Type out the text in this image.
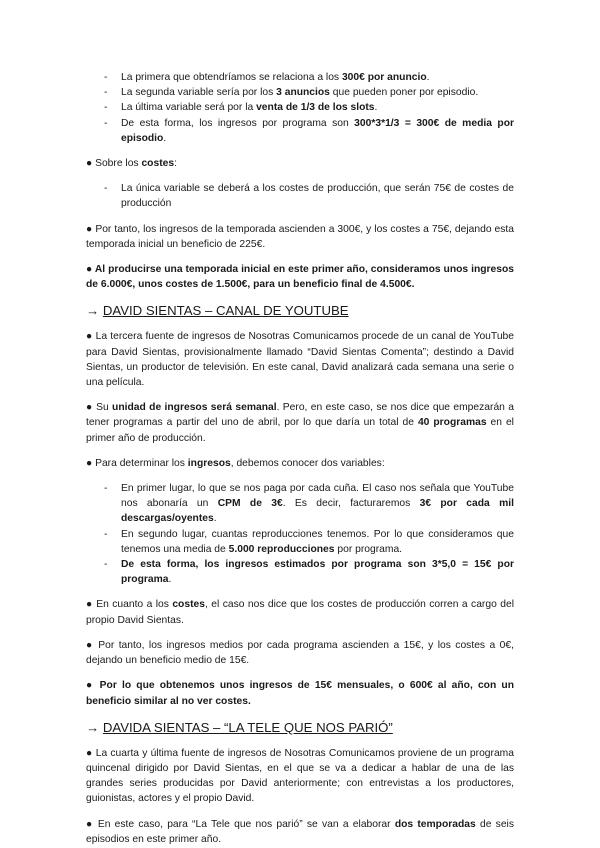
- La primera que obtendríamos se relaciona a los 300€ por anuncio.

- La segunda variable sería por los 3 anuncios que pueden poner por episodio.

- La última variable será por la venta de 1/3 de los slots.

- De esta forma, los ingresos por programa son 300*3*1/3 = 300€ de media por episodio.

● Sobre los costes:

- La única variable se deberá a los costes de producción, que serán 75€ de costes de producción

● Por tanto, los ingresos de la temporada ascienden a 300€, y los costes a 75€, dejando esta temporada inicial un beneficio de 225€.

● Al producirse una temporada inicial en este primer año, consideramos unos ingresos de 6.000€, unos costes de 1.500€, para un beneficio final de 4.500€.

→ DAVID SIENTAS – CANAL DE YOUTUBE

● La tercera fuente de ingresos de Nosotras Comunicamos procede de un canal de YouTube para David Sientas, provisionalmente llamado “David Sientas Comenta”; destindo a David Sientas, un productor de televisión. En este canal, David analizará cada semana una serie o una película.

● Su unidad de ingresos será semanal. Pero, en este caso, se nos dice que empezarán a tener programas a partir del uno de abril, por lo que daría un total de 40 programas en el primer año de producción.

● Para determinar los ingresos, debemos conocer dos variables:

- En primer lugar, lo que se nos paga por cada cuña. El caso nos señala que YouTube nos abonaría un CPM de 3€. Es decir, facturaremos 3€ por cada mil descargas/oyentes.

- En segundo lugar, cuantas reproducciones tenemos. Por lo que consideramos que tenemos una media de 5.000 reproducciones por programa.

- De esta forma, los ingresos estimados por programa son 3*5,0 = 15€ por programa.

● En cuanto a los costes, el caso nos dice que los costes de producción corren a cargo del propio David Sientas.

● Por tanto, los ingresos medios por cada programa ascienden a 15€, y los costes a 0€, dejando un beneficio medio de 15€.

● Por lo que obtenemos unos ingresos de 15€ mensuales, o 600€ al año, con un beneficio similar al no ver costes.

→ DAVIDA SIENTAS – “LA TELE QUE NOS PARIÓ”

● La cuarta y última fuente de ingresos de Nosotras Comunicamos proviene de un programa quincenal dirigido por David Sientas, en el que se va a dedicar a hablar de una de las grandes series producidas por David anteriormente; con entrevistas a los productores, guionistas, actores y el propio David.

● En este caso, para “La Tele que nos parió” se van a elaborar dos temporadas de seis episodios en este primer año.
